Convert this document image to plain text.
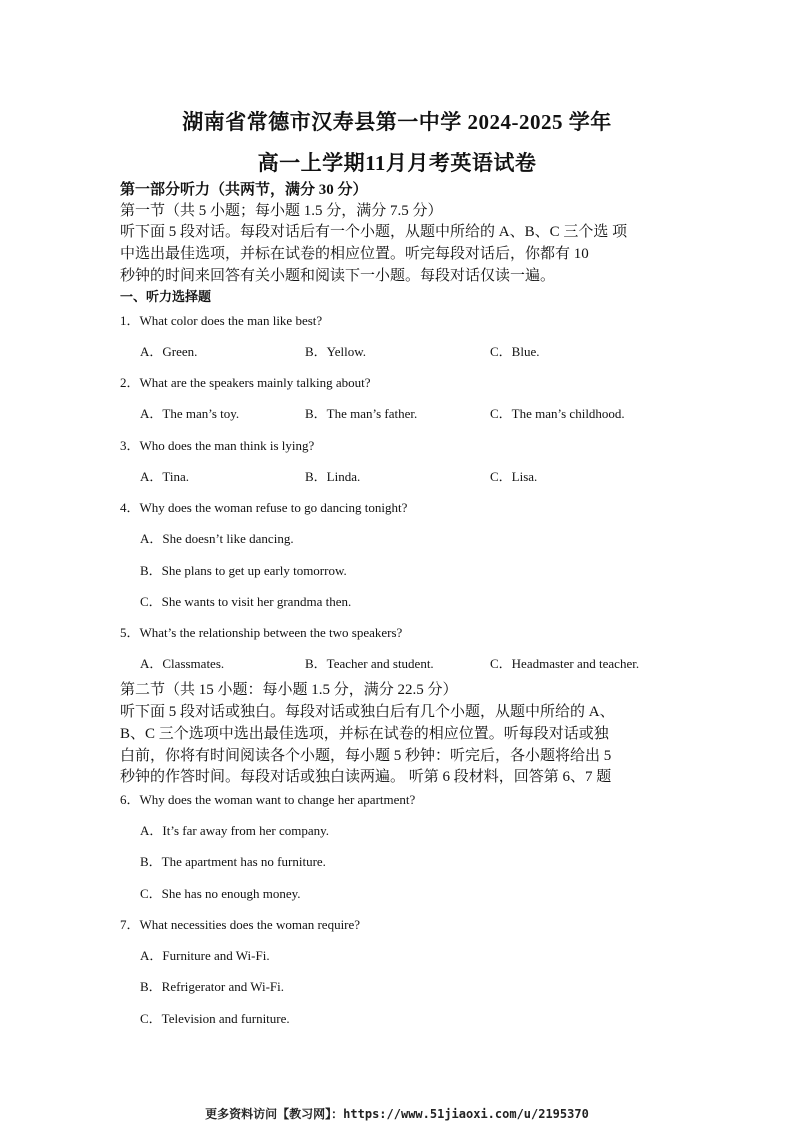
湖南省常德市汉寿县第一中学 2024-2025 学年
高一上学期11月月考英语试卷
第一部分听力（共两节，满分 30 分）
第一节（共 5 小题；每小题 1.5 分，满分 7.5 分）
听下面 5 段对话。每段对话后有一个小题，从题中所给的 A、B、C 三个选 项
中选出最佳选项，并标在试卷的相应位置。听完每段对话后，你都有 10
秒钟的时间来回答有关小题和阅读下一小题。每段对话仅读一遍。
一、听力选择题
1．What color does the man like best?
A．Green.	B．Yellow.	C．Blue.
2．What are the speakers mainly talking about?
A．The man’s toy.	B．The man’s father.	C．The man’s childhood.
3．Who does the man think is lying?
A．Tina.	B．Linda.	C．Lisa.
4．Why does the woman refuse to go dancing tonight?
A．She doesn’t like dancing.
B．She plans to get up early tomorrow.
C．She wants to visit her grandma then.
5．What’s the relationship between the two speakers?
A．Classmates.	B．Teacher and student.	C．Headmaster and teacher.
第二节（共 15 小题：每小题 1.5 分，满分 22.5 分）
听下面 5 段对话或独白。每段对话或独白后有几个小题，从题中所给的 A、
B、C 三个选项中选出最佳选项，并标在试卷的相应位置。听每段对话或独
白前，你将有时间阅读各个小题，每小题 5 秒钟：听完后，各小题将给出 5
秒钟的作答时间。每段对话或独白读两遍。 听第 6 段材料，回答第 6、7 题
6．Why does the woman want to change her apartment?
A．It’s far away from her company.
B．The apartment has no furniture.
C．She has no enough money.
7．What necessities does the woman require?
A．Furniture and Wi-Fi.
B．Refrigerator and Wi-Fi.
C．Television and furniture.
更多资料访问【教习网】：https://www.51jiaoxi.com/u/2195370
